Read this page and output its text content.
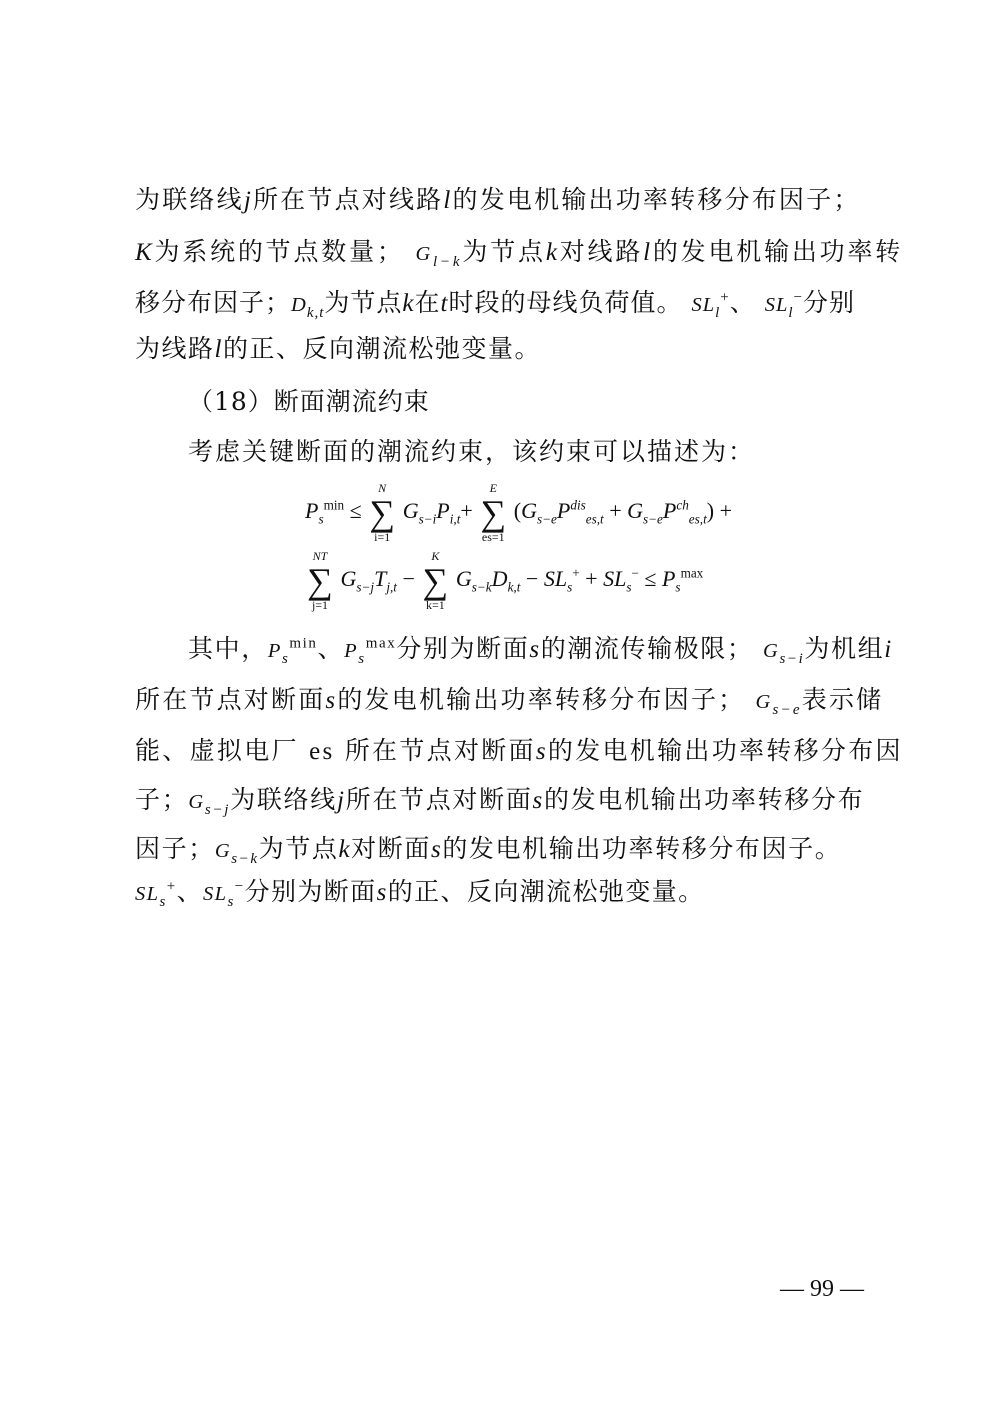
为联络线j所在节点对线路l的发电机输出功率转移分布因子；
K为系统的节点数量； $G_{l-k}$为节点k对线路l的发电机输出功率转
移分布因子；$D_{k,t}$为节点k在t时段的母线负荷值。 $SL_l^+$、 $SL_l^-$分别
为线路l的正、反向潮流松弛变量。
（18）断面潮流约束
考虑关键断面的潮流约束，该约束可以描述为：
$P_s^{min}$ ≤
N
∑
i=1
$G_{s-i}P_{i,t}+$
E
∑
es=1
$(G_{s-e}P^{dis}_{es,t} + G_{s-e}P^{ch}_{es,t})$ +
NT
∑
j=1
$G_{s-j}T_{j,t}$ −
K
∑
k=1
$G_{s-k}D_{k,t} - SL_s^+ + SL_s^- \le P_s^{max}$
其中，$P_s^{min}$、$P_s^{max}$分别为断面s的潮流传输极限； $G_{s-i}$为机组i
所在节点对断面s的发电机输出功率转移分布因子； $G_{s-e}$表示储
能、虚拟电厂 es 所在节点对断面s的发电机输出功率转移分布因
子；$G_{s-j}$为联络线j所在节点对断面s的发电机输出功率转移分布
因子；$G_{s-k}$为节点k对断面s的发电机输出功率转移分布因子。
$SL_s^+$、$SL_s^-$分别为断面s的正、反向潮流松弛变量。
— 99 —
